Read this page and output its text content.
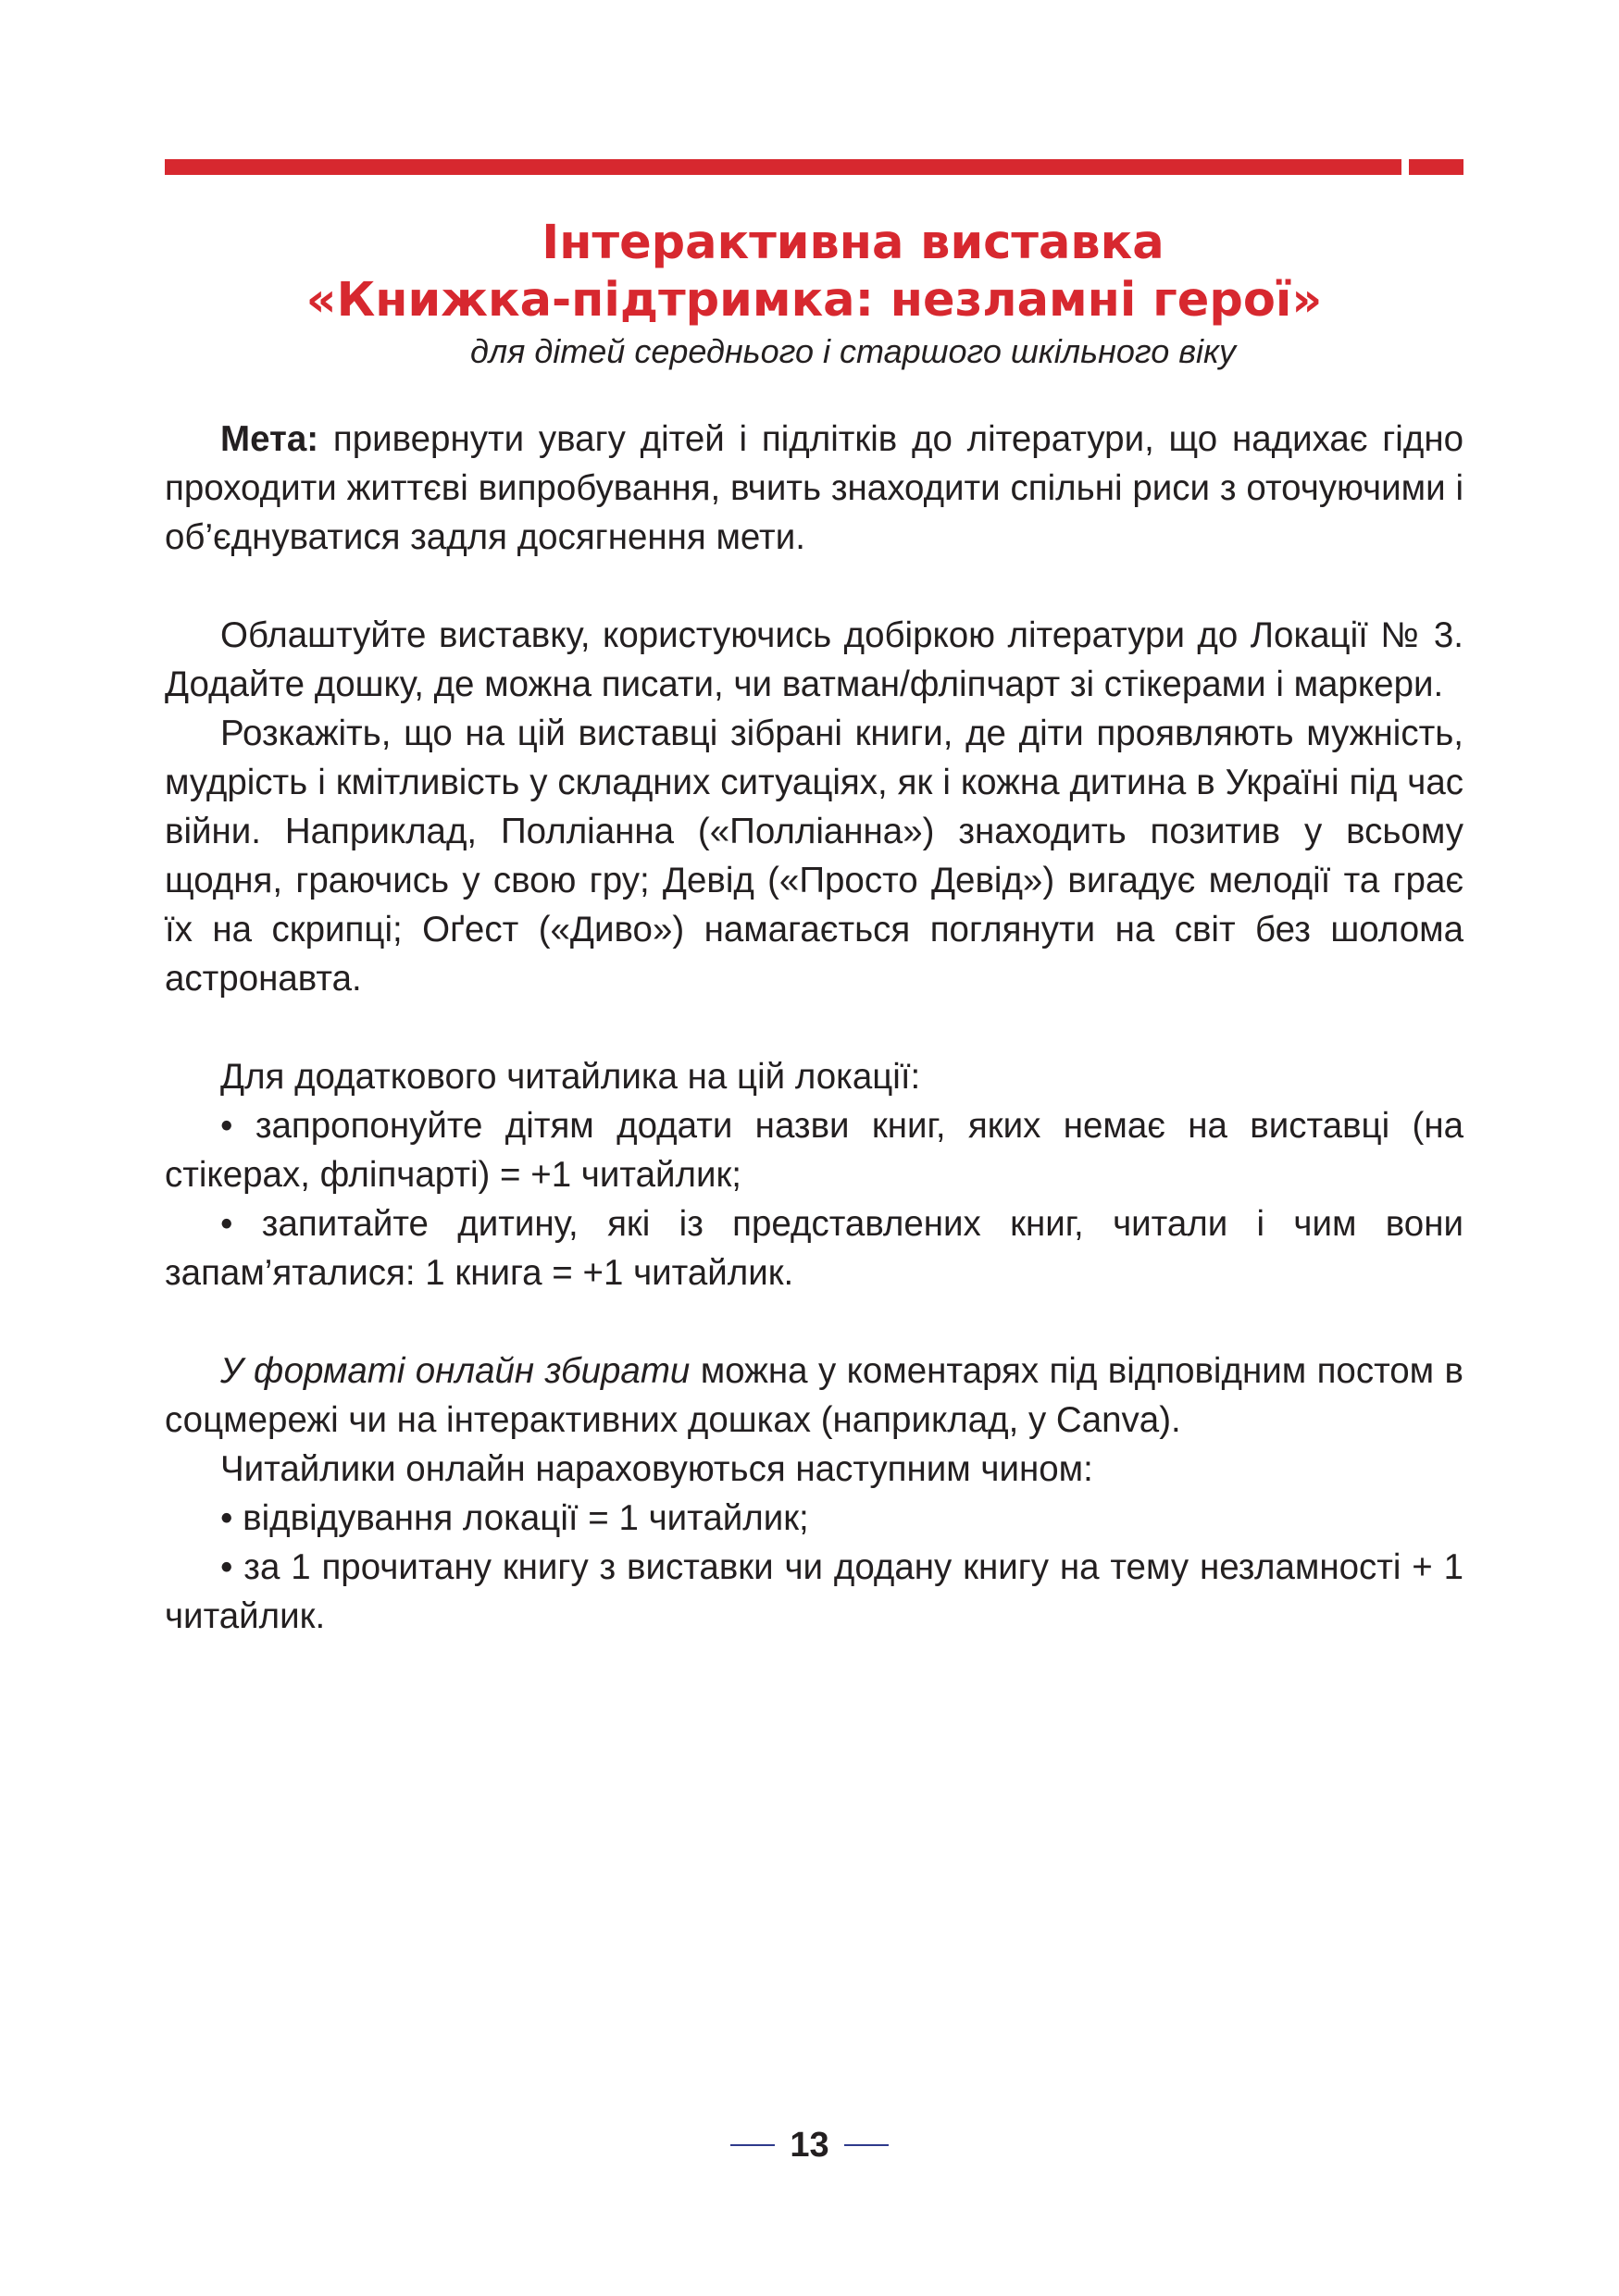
Інтерактивна виставка
«Книжка-підтримка: незламні герої»
для дітей середнього і старшого шкільного віку

Мета: привернути увагу дітей і підлітків до літератури, що надихає гідно проходити життєві випробування, вчить знаходити спільні риси з оточуючими і об’єднуватися задля досягнення мети.

Облаштуйте виставку, користуючись добіркою літератури до Локації № 3. Додайте дошку, де можна писати, чи ватман/фліпчарт зі стікерами і маркери.

Розкажіть, що на цій виставці зібрані книги, де діти проявляють мужність, мудрість і кмітливість у складних ситуаціях, як і кожна дитина в Україні під час війни. Наприклад, Полліанна («Полліанна») знаходить позитив у всьому щодня, граючись у свою гру; Девід («Просто Девід») вигадує мелодії та грає їх на скрипці; Оґест («Диво») намагається поглянути на світ без шолома астронавта.

Для додаткового читайлика на цій локації:

• запропонуйте дітям додати назви книг, яких немає на виставці (на стікерах, фліпчарті) = +1 читайлик;

• запитайте дитину, які із представлених книг, читали і чим вони запам’яталися: 1 книга = +1 читайлик.

У форматі онлайн збирати можна у коментарях під відповідним постом в соцмережі чи на інтерактивних дошках (наприклад, у Canva).

Читайлики онлайн нараховуються наступним чином:

• відвідування локації = 1 читайлик;

• за 1 прочитану книгу з виставки чи додану книгу на тему незламності + 1 читайлик.

13
